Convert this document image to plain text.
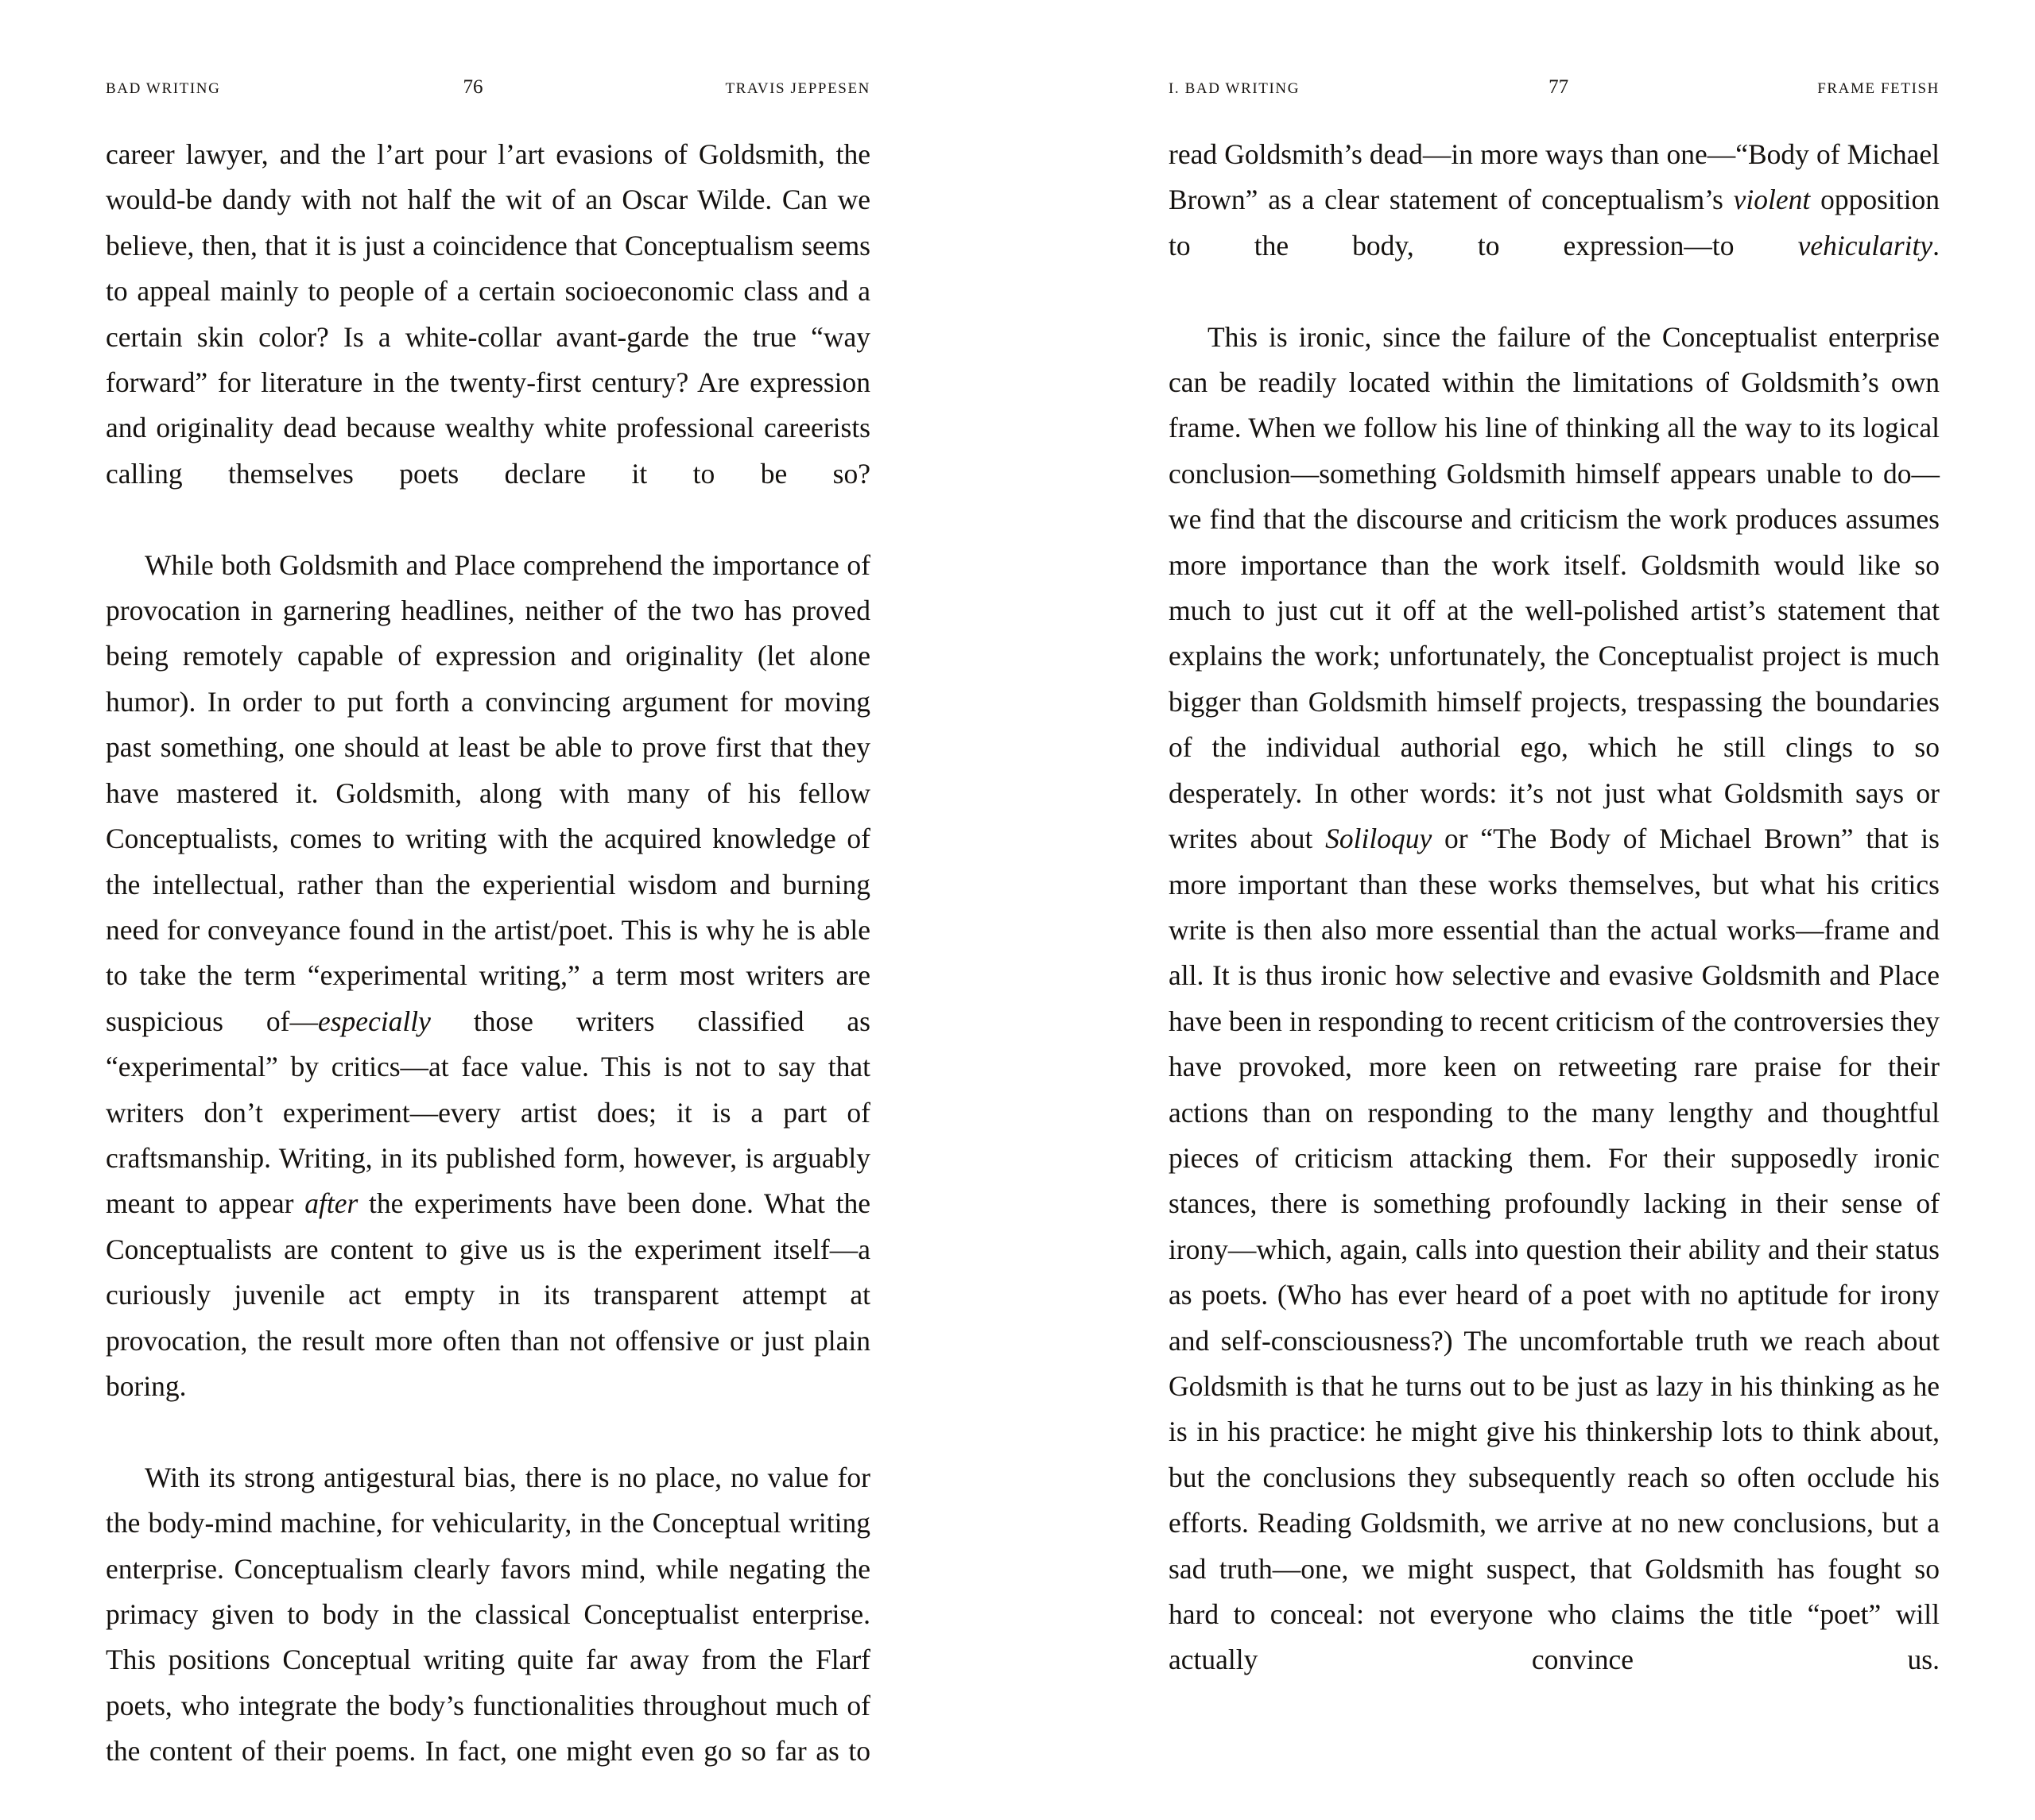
BAD WRITING	76	TRAVIS JEPPESEN

career lawyer, and the l’art pour l’art evasions of Goldsmith, the would-be dandy with not half the wit of an Oscar Wilde. Can we believe, then, that it is just a coincidence that Conceptualism seems to appeal mainly to people of a certain socioeconomic class and a certain skin color? Is a white-collar avant-garde the true “way forward” for literature in the twenty-first century? Are expression and originality dead because wealthy white professional careerists calling themselves poets declare it to be so?

While both Goldsmith and Place comprehend the importance of provocation in garnering headlines, neither of the two has proved being remotely capable of expression and originality (let alone humor). In order to put forth a convincing argument for moving past something, one should at least be able to prove first that they have mastered it. Goldsmith, along with many of his fellow Conceptualists, comes to writing with the acquired knowledge of the intellectual, rather than the experiential wisdom and burning need for conveyance found in the artist/poet. This is why he is able to take the term “experimental writing,” a term most writers are suspicious of—especially those writers classified as “experimental” by critics—at face value. This is not to say that writers don’t experiment—every artist does; it is a part of craftsmanship. Writing, in its published form, however, is arguably meant to appear after the experiments have been done. What the Conceptualists are content to give us is the experiment itself—a curiously juvenile act empty in its transparent attempt at provocation, the result more often than not offensive or just plain boring.

With its strong antigestural bias, there is no place, no value for the body-mind machine, for vehicularity, in the Conceptual writing enterprise. Conceptualism clearly favors mind, while negating the primacy given to body in the classical Conceptualist enterprise. This positions Conceptual writing quite far away from the Flarf poets, who integrate the body’s functionalities throughout much of the content of their poems. In fact, one might even go so far as to

I. BAD WRITING	77	FRAME FETISH

read Goldsmith’s dead—in more ways than one—“Body of Michael Brown” as a clear statement of conceptualism’s violent opposition to the body, to expression—to vehicularity.

This is ironic, since the failure of the Conceptualist enterprise can be readily located within the limitations of Goldsmith’s own frame. When we follow his line of thinking all the way to its logical conclusion—something Goldsmith himself appears unable to do—we find that the discourse and criticism the work produces assumes more importance than the work itself. Goldsmith would like so much to just cut it off at the well-polished artist’s statement that explains the work; unfortunately, the Conceptualist project is much bigger than Goldsmith himself projects, trespassing the boundaries of the individual authorial ego, which he still clings to so desperately. In other words: it’s not just what Goldsmith says or writes about Soliloquy or “The Body of Michael Brown” that is more important than these works themselves, but what his critics write is then also more essential than the actual works—frame and all. It is thus ironic how selective and evasive Goldsmith and Place have been in responding to recent criticism of the controversies they have provoked, more keen on retweeting rare praise for their actions than on responding to the many lengthy and thoughtful pieces of criticism attacking them. For their supposedly ironic stances, there is something profoundly lacking in their sense of irony—which, again, calls into question their ability and their status as poets. (Who has ever heard of a poet with no aptitude for irony and self-consciousness?) The uncomfortable truth we reach about Goldsmith is that he turns out to be just as lazy in his thinking as he is in his practice: he might give his thinkership lots to think about, but the conclusions they subsequently reach so often occlude his efforts. Reading Goldsmith, we arrive at no new conclusions, but a sad truth—one, we might suspect, that Goldsmith has fought so hard to conceal: not everyone who claims the title “poet” will actually convince us.
